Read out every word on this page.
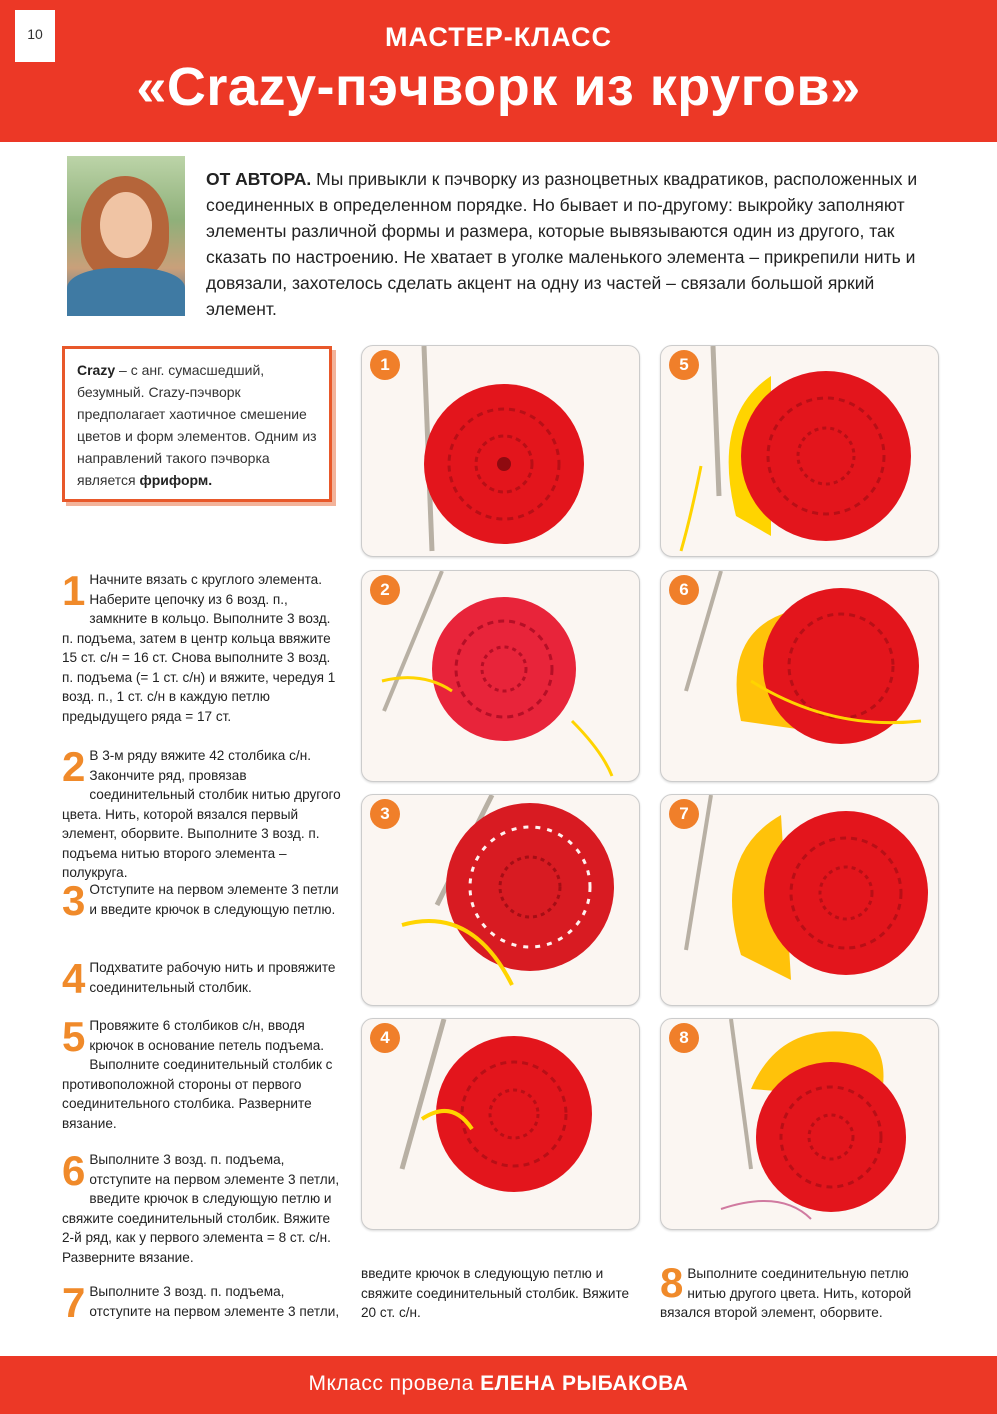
10	МАСТЕР-КЛАСС
«Crazy-пэчворк из кругов»
ОТ АВТОРА. Мы привыкли к пэчворку из разноцветных квадратиков, расположенных и соединенных в определенном порядке. Но бывает и по-другому: выкройку заполняют элементы различной формы и размера, которые вывязываются один из другого, так сказать по настроению. Не хватает в уголке маленького элемента – прикрепили нить и довязали, захотелось сделать акцент на одну из частей – связали большой яркий элемент.
Crazy – с анг. сумасшедший, безумный. Crazy-пэчворк предполагает хаотичное смешение цветов и форм элементов. Одним из направлений такого пэчворка является фриформ.
1 Начните вязать с круглого элемента. Наберите цепочку из 6 возд. п., замкните в кольцо. Выполните 3 возд. п. подъема, затем в центр кольца ввяжите 15 ст. с/н = 16 ст. Снова выполните 3 возд. п. подъема (= 1 ст. с/н) и вяжите, чередуя 1 возд. п., 1 ст. с/н в каждую петлю предыдущего ряда = 17 ст.
2 В 3-м ряду вяжите 42 столбика с/н. Закончите ряд, провязав соединительный столбик нитью другого цвета. Нить, которой вязался первый элемент, оборвите. Выполните 3 возд. п. подъема нитью второго элемента – полукруга.
3 Отступите на первом элементе 3 петли и введите крючок в следующую петлю.
4 Подхватите рабочую нить и провяжите соединительный столбик.
5 Провяжите 6 столбиков с/н, вводя крючок в основание петель подъема. Выполните соединительный столбик с противоположной стороны от первого соединительного столбика. Разверните вязание.
6 Выполните 3 возд. п. подъема, отступите на первом элементе 3 петли, введите крючок в следующую петлю и свяжите соединительный столбик. Вяжите 2-й ряд, как у первого элемента = 8 ст. с/н. Разверните вязание.
7 Выполните 3 возд. п. подъема, отступите на первом элементе 3 петли,
1
2
3
4
5
6
7
8
введите крючок в следующую петлю и свяжите соединительный столбик. Вяжите 20 ст. с/н.
8 Выполните соединительную петлю нитью другого цвета. Нить, которой вязался второй элемент, оборвите.
Мкласс провела ЕЛЕНА РЫБАКОВА
